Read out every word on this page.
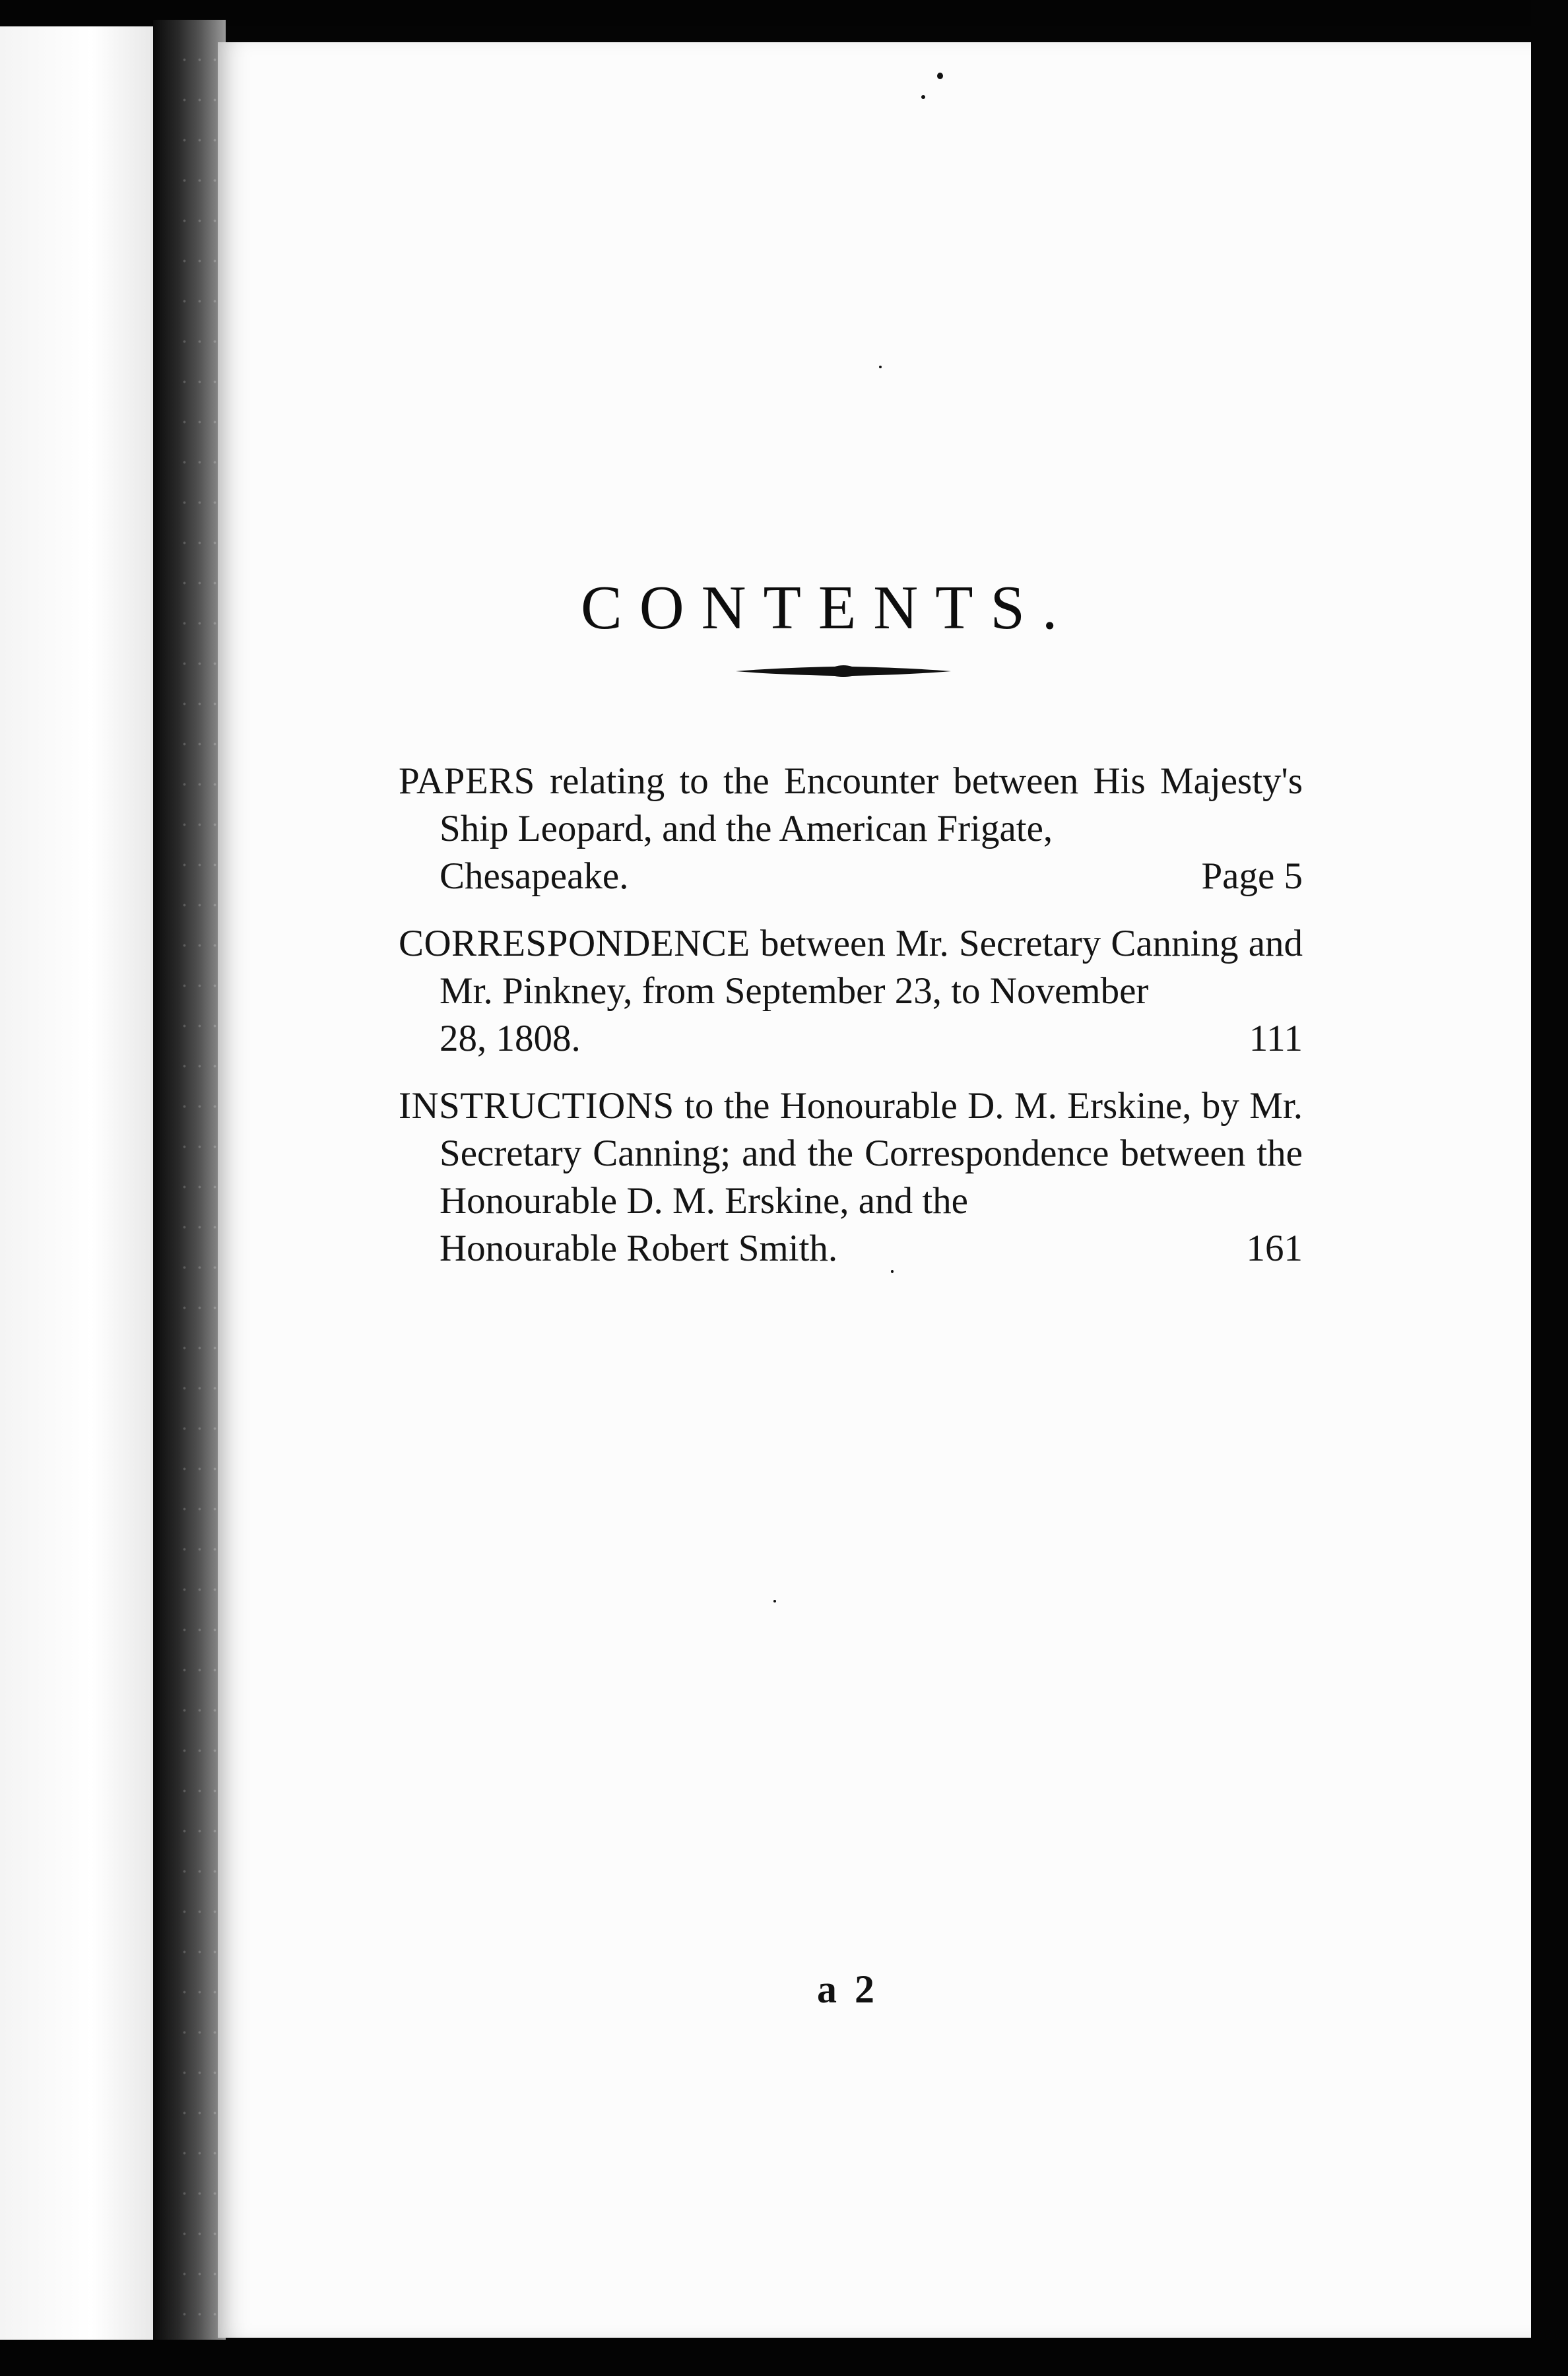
CONTENTS.
PAPERS relating to the Encounter between His Majesty's Ship Leopard, and the American Frigate,
Chesapeake.	Page 5
CORRESPONDENCE between Mr. Secretary Canning and Mr. Pinkney, from September 23, to November
28, 1808.	111
INSTRUCTIONS to the Honourable D. M. Erskine, by Mr. Secretary Canning; and the Correspondence between the Honourable D. M. Erskine, and the
Honourable Robert Smith.	161
a 2
